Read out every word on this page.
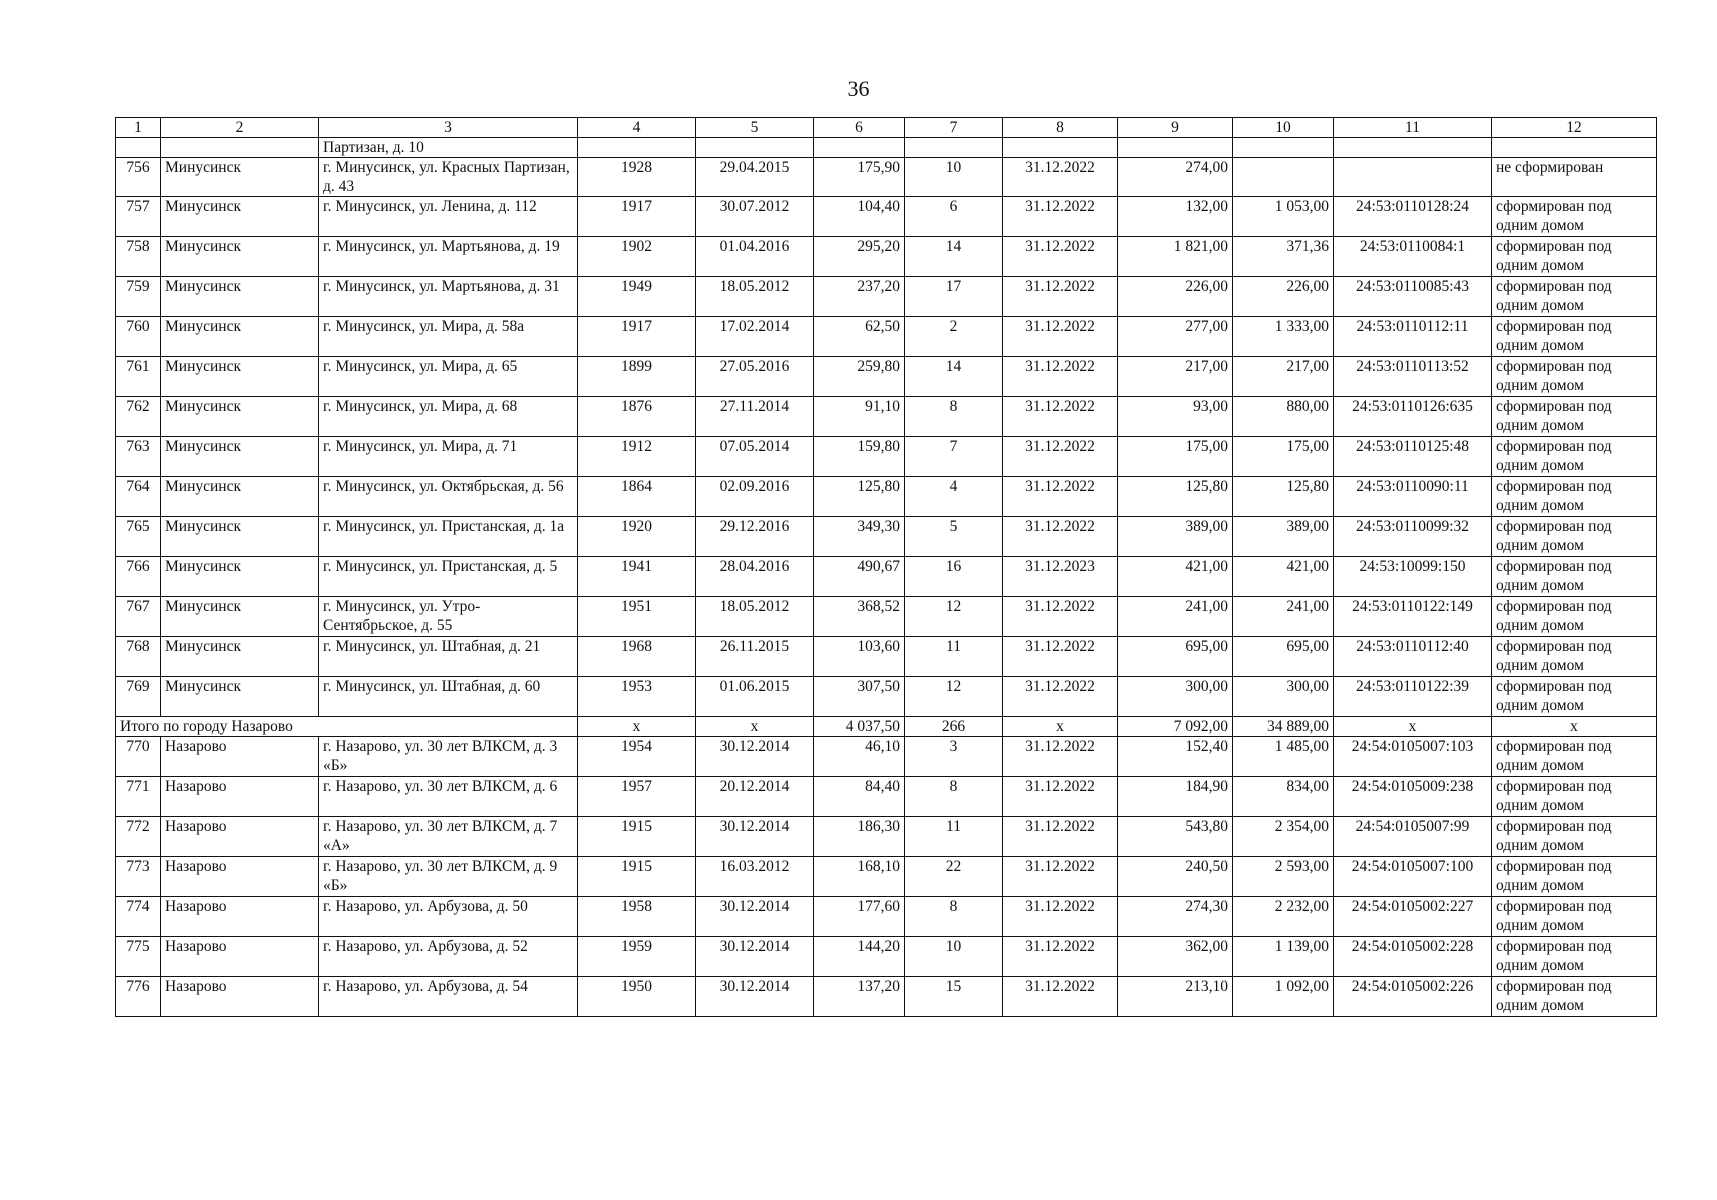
36
1	2	3	4	5	6	7	8	9	10	11	12
		Партизан, д. 10									
756	Минусинск	г. Минусинск, ул. Красных Партизан, д. 43	1928	29.04.2015	175,90	10	31.12.2022	274,00			не сформирован
757	Минусинск	г. Минусинск, ул. Ленина, д. 112	1917	30.07.2012	104,40	6	31.12.2022	132,00	1 053,00	24:53:0110128:24	сформирован под одним домом
758	Минусинск	г. Минусинск, ул. Мартьянова, д. 19	1902	01.04.2016	295,20	14	31.12.2022	1 821,00	371,36	24:53:0110084:1	сформирован под одним домом
759	Минусинск	г. Минусинск, ул. Мартьянова, д. 31	1949	18.05.2012	237,20	17	31.12.2022	226,00	226,00	24:53:0110085:43	сформирован под одним домом
760	Минусинск	г. Минусинск, ул. Мира, д. 58а	1917	17.02.2014	62,50	2	31.12.2022	277,00	1 333,00	24:53:0110112:11	сформирован под одним домом
761	Минусинск	г. Минусинск, ул. Мира, д. 65	1899	27.05.2016	259,80	14	31.12.2022	217,00	217,00	24:53:0110113:52	сформирован под одним домом
762	Минусинск	г. Минусинск, ул. Мира, д. 68	1876	27.11.2014	91,10	8	31.12.2022	93,00	880,00	24:53:0110126:635	сформирован под одним домом
763	Минусинск	г. Минусинск, ул. Мира, д. 71	1912	07.05.2014	159,80	7	31.12.2022	175,00	175,00	24:53:0110125:48	сформирован под одним домом
764	Минусинск	г. Минусинск, ул. Октябрьская, д. 56	1864	02.09.2016	125,80	4	31.12.2022	125,80	125,80	24:53:0110090:11	сформирован под одним домом
765	Минусинск	г. Минусинск, ул. Пристанская, д. 1а	1920	29.12.2016	349,30	5	31.12.2022	389,00	389,00	24:53:0110099:32	сформирован под одним домом
766	Минусинск	г. Минусинск, ул. Пристанская, д. 5	1941	28.04.2016	490,67	16	31.12.2023	421,00	421,00	24:53:10099:150	сформирован под одним домом
767	Минусинск	г. Минусинск, ул. Утро-Сентябрьское, д. 55	1951	18.05.2012	368,52	12	31.12.2022	241,00	241,00	24:53:0110122:149	сформирован под одним домом
768	Минусинск	г. Минусинск, ул. Штабная, д. 21	1968	26.11.2015	103,60	11	31.12.2022	695,00	695,00	24:53:0110112:40	сформирован под одним домом
769	Минусинск	г. Минусинск, ул. Штабная, д. 60	1953	01.06.2015	307,50	12	31.12.2022	300,00	300,00	24:53:0110122:39	сформирован под одним домом
Итого по городу Назарово			x	x	4 037,50	266	x	7 092,00	34 889,00	x	x
770	Назарово	г. Назарово, ул. 30 лет ВЛКСМ, д. 3 «Б»	1954	30.12.2014	46,10	3	31.12.2022	152,40	1 485,00	24:54:0105007:103	сформирован под одним домом
771	Назарово	г. Назарово, ул. 30 лет ВЛКСМ, д. 6	1957	20.12.2014	84,40	8	31.12.2022	184,90	834,00	24:54:0105009:238	сформирован под одним домом
772	Назарово	г. Назарово, ул. 30 лет ВЛКСМ, д. 7 «А»	1915	30.12.2014	186,30	11	31.12.2022	543,80	2 354,00	24:54:0105007:99	сформирован под одним домом
773	Назарово	г. Назарово, ул. 30 лет ВЛКСМ, д. 9 «Б»	1915	16.03.2012	168,10	22	31.12.2022	240,50	2 593,00	24:54:0105007:100	сформирован под одним домом
774	Назарово	г. Назарово, ул. Арбузова, д. 50	1958	30.12.2014	177,60	8	31.12.2022	274,30	2 232,00	24:54:0105002:227	сформирован под одним домом
775	Назарово	г. Назарово, ул. Арбузова, д. 52	1959	30.12.2014	144,20	10	31.12.2022	362,00	1 139,00	24:54:0105002:228	сформирован под одним домом
776	Назарово	г. Назарово, ул. Арбузова, д. 54	1950	30.12.2014	137,20	15	31.12.2022	213,10	1 092,00	24:54:0105002:226	сформирован под одним домом
